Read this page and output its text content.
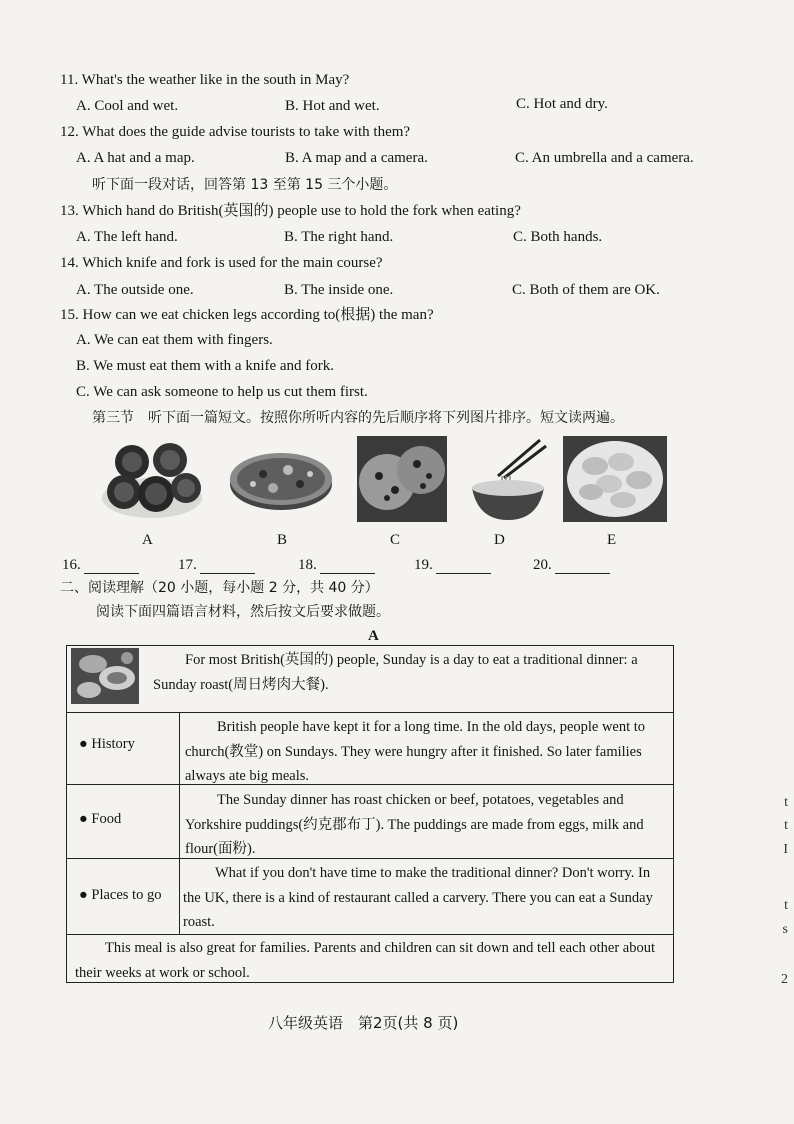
11. What's the weather like in the south in May?
A. Cool and wet.	B. Hot and wet.	C. Hot and dry.
12. What does the guide advise tourists to take with them?
A. A hat and a map.	B. A map and a camera.	C. An umbrella and a camera.
听下面一段对话，回答第 13 至第 15 三个小题。
13. Which hand do British(英国的) people use to hold the fork when eating?
A. The left hand.	B. The right hand.	C. Both hands.
14. Which knife and fork is used for the main course?
A. The outside one.	B. The inside one.	C. Both of them are OK.
15. How can we eat chicken legs according to(根据) the man?
A. We can eat them with fingers.
B. We must eat them with a knife and fork.
C. We can ask someone to help us cut them first.
第三节　听下面一篇短文。按照你所听内容的先后顺序将下列图片排序。短文读两遍。
A	B	C	D	E
16.	17.	18.	19.	20.
二、阅读理解（20 小题，每小题 2 分，共 40 分）
阅读下面四篇语言材料，然后按文后要求做题。
A
For most British(英国的) people, Sunday is a day to eat a traditional dinner: a Sunday roast(周日烤肉大餐).
● History
British people have kept it for a long time. In the old days, people went to church(教堂) on Sundays. They were hungry after it finished. So later families always ate big meals.
● Food
The Sunday dinner has roast chicken or beef, potatoes, vegetables and Yorkshire puddings(约克郡布丁). The puddings are made from eggs, milk and flour(面粉).
● Places to go
What if you don't have time to make the traditional dinner? Don't worry. In the UK, there is a kind of restaurant called a carvery. There you can eat a Sunday roast.
This meal is also great for families. Parents and children can sit down and tell each other about their weeks at work or school.
八年级英语　第2页(共 8 页)
t
t
I
t
s
2
